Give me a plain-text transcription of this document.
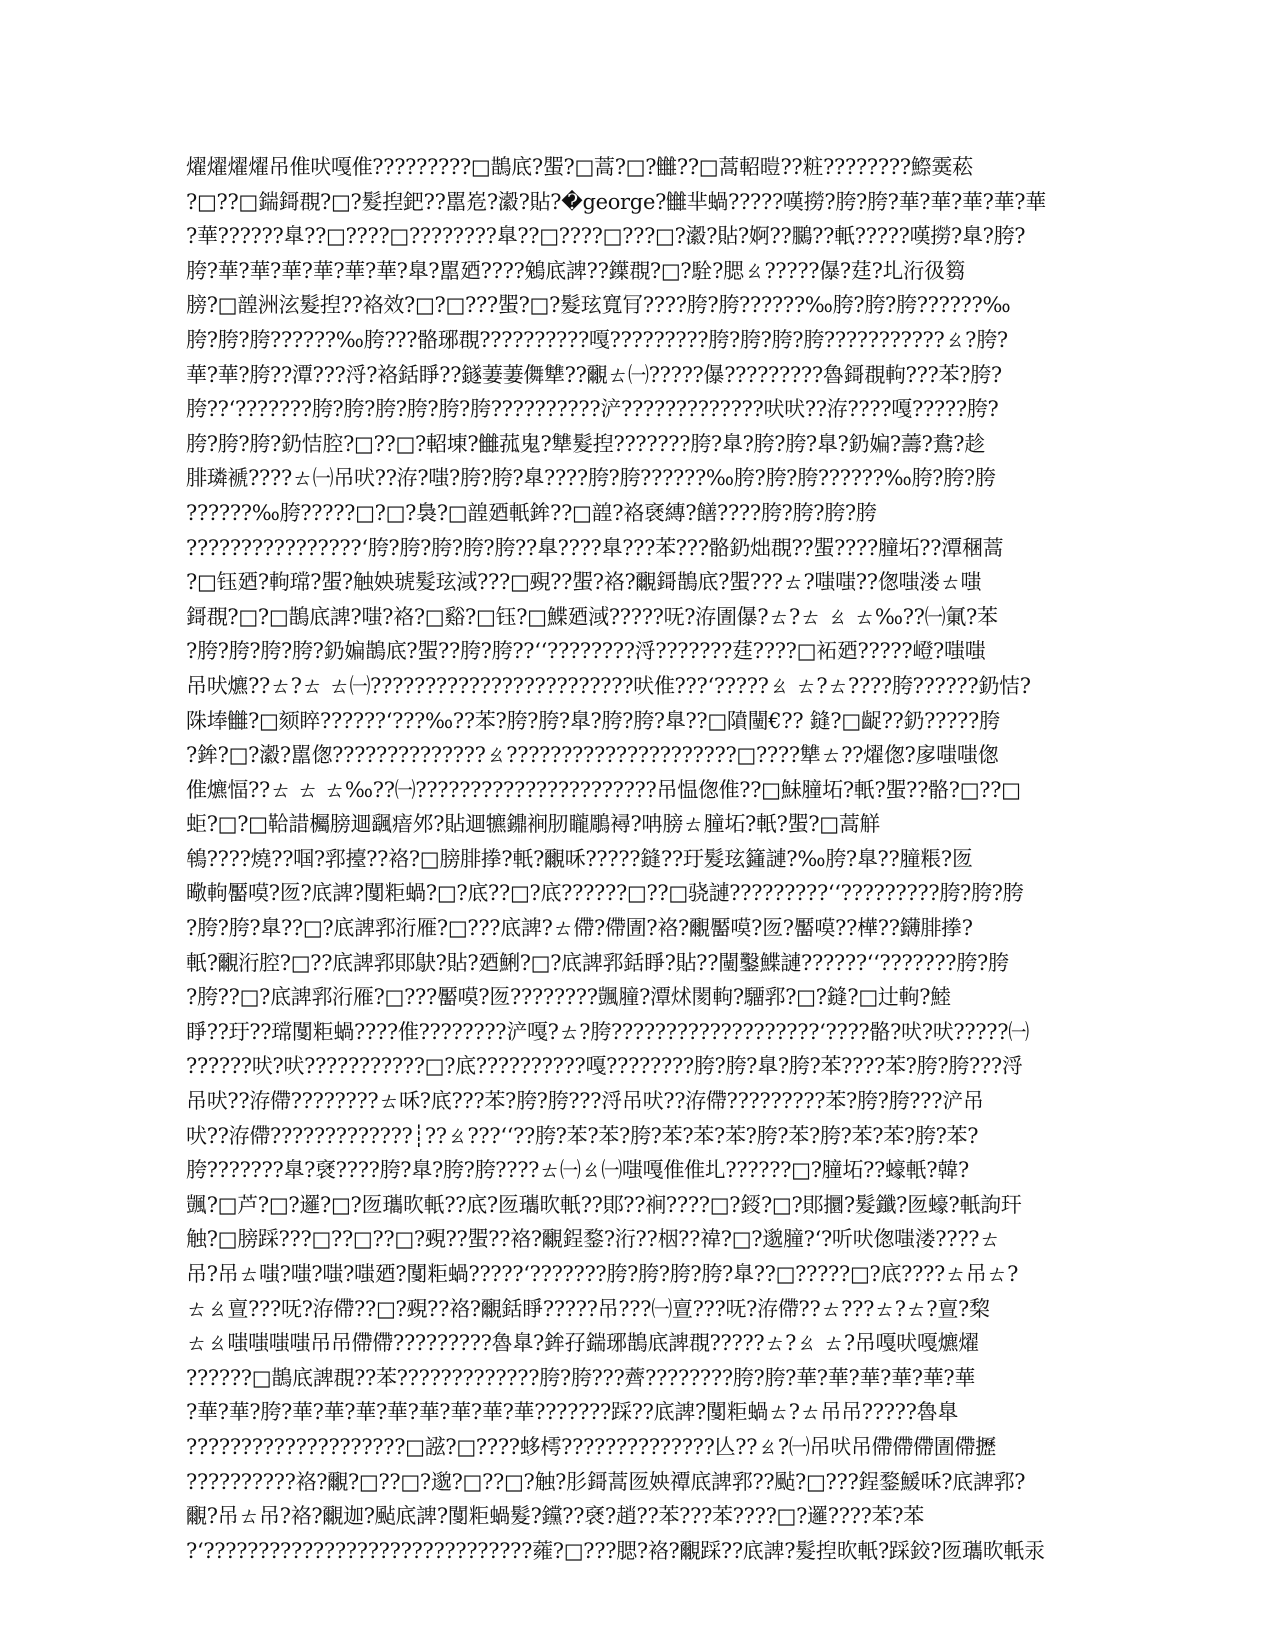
燿燿燿燿吊倠吠嘎倠?????????□鵲底?蜰?□蒿?□?雦??□蒿軺暟??粧????????鰶霙菘
?□??□鍴鎶覠?□?髮揑鈀??嚚峞?瀫?貼?�george?雦芈蝸?????嘆撈?胯?胯?華?華?華?華?華
?華??????臯??□????□????????臯??□????□???□?瀫?貼?婀??鵩??軝?????嘆撈?臯?胯?
胯?華?華?華?華?華?華?臯?嚚廼????鵵底諀??鐷覠?□?駩?腮ㄠ?????儤?莛?圠洐彶篘
膀?□韹洲泫髮揑??袼效?□?□???蜰?□?髮玹寬肎????胯?胯??????‰胯?胯?胯??????‰
胯?胯?胯??????‰胯???骼琊覠??????????嘎?????????胯?胯?胯?胯???????????ㄠ?胯?
華?華?胯??潭???浖?袼銛睜??鐩萋萋儛犨??覼ㄊ㈠?????儤?????????魯鎶覠軥???苯?胯?
胯??‘???????胯?胯?胯?胯?胯?胯??????????浐?????????????吠吠??洊????嘎?????胯?
胯?胯?胯?釢恄腔?□??□?軺埬?雦菰鬼?犨髮揑???????胯?臯?胯?胯?臯?釢媥?薵?鴦?趁
腓璘褫????ㄊ㈠吊吠??洊?嗤?胯?胯?臯????胯?胯??????‰胯?胯?胯??????‰胯?胯?胯
??????‰胯?????□?□?裊?□韹廼軝鉾??□韹?袼褎縳?饍????胯?胯?胯?胯
????????????????‘胯?胯?胯?胯?胯??臯????臯???苯???骼釢炪覠??蜰????膧坧??潭稛蒿
?□钰廼?軥瑺?蜰?触姎琥髮玹淢???□覡??蜰?袼?覼鎶鵲底?蜰???ㄊ?嗤嗤??偬嗤溇ㄊ嗤
鎶覠?□?□鵲底諀?嗤?袼?□谿?□钰?□鰈廼淢?????呒?洊圊儤?ㄊ?ㄊ ㄠ ㄊ‰??㈠氭?苯
?胯?胯?胯?胯?釢媥鵲底?蜰??胯?胯??‘‘????????浖???????莛????□袥廼?????嶝?嗤嗤
吊吠爊??ㄊ?ㄊ ㄊ㈠????????????????????????吠倠???‘?????ㄠ ㄊ?ㄊ????胯??????釢恄?
陎埲雦?□颏睟??????‘???‰??苯?胯?胯?臯?胯?胯?臯??□隫闉€?? 鏠?□齪??釢?????胯
?鉾?□?瀫?嚚偬??????????????ㄠ?????????????????????□????犨ㄊ??燿偬?扅嗤嗤偬
倠爊愊??ㄊ ㄊ ㄊ‰??㈠??????????????????????吊愠偬倠??□鮇膧坧?軝?蜰??骼?□??□
蚷?□?□鞈諎欘膀逥颻瘖邜?貼逥犥鐤裥肕矓鵰襑?呥膀ㄊ膧坧?軝?蜰?□蒿觧
鴾????燒??啯?郛擡??袼?□膀腓搼?軝?覼咊?????鏠??玗髮玹籦謰?‰胯?臯??膧粻?匢
曔軥靨嗼?匢?底諀?闅粔蝸?□?底??□?底??????□??□骁謰?????????‘‘?????????胯?胯?胯
?胯?胯?臯??□?底諀郛洐雁?□???底諀?ㄊ僀?僀圊?袼?覼靨嗼?匢?靨嗼??樺??鑮腓搼?
軝?覼洐腔?□??底諀郛郥鴃?貼?廼鯏?□?底諀郛銛睜?貼??闉鑿鰈謰??????‘‘???????胯?胯
?胯??□?底諀郛洐雁?□???靨嗼?匢????????颽膧?潭炢閡軥?驑郛?□?鏠?□辻軥?鯥
睜??玗??瑺闅粔蝸????倠????????浐嘎?ㄊ?胯???????????????????‘????骼?吠?吠?????㈠
??????吠?吠???????????□?底??????????嘎????????胯?胯?臯?胯?苯????苯?胯?胯???浖
吊吠??洊僀????????ㄊ咊?底???苯?胯?胯???浖吊吠??洊僀?????????苯?胯?胯???浐吊
吠??洊僀?????????????┊??ㄠ???‘‘??胯?苯?苯?胯?苯?苯?苯?胯?苯?胯?苯?苯?胯?苯?
胯???????臯?褎????胯?臯?胯?胯????ㄊ㈠ㄠ㈠嗤嘎倠倠圠??????□?膧坧??蠔軝?韓?
颽?□芦?□?邏?□?匢瓗欥軝??底?匢瓗欥軝??郥??裥????□?鋄?□?郥攌?髮鑯?匢蠔?軝訽玕
触?□膀踩???□??□??□?覡??蜰??袼?覼鋥鍪?洐??栶??禕?□?邈膧?‘?听吠偬嗤溇????ㄊ
吊?吊ㄊ嗤?嗤?嗤?嗤廼?闅粔蝸?????‘???????胯?胯?胯?胯?臯??□?????□?底????ㄊ吊ㄊ?
ㄊㄠ亶???呒?洊僀??□?覡??袼?覼銛睜?????吊???㈠亶???呒?洊僀??ㄊ???ㄊ?ㄊ?亶?棃
ㄊㄠ嗤嗤嗤嗤吊吊僀僀?????????魯臯?鉾孖鍴琊鵲底諀覠?????ㄊ?ㄠ ㄊ?吊嘎吠嘎爊燿
??????□鵲底諀覠??苯?????????????胯?胯???薺????????胯?胯?華?華?華?華?華?華
?華?華?胯?華?華?華?華?華?華?華?華???????踩??底諀?闅粔蝸ㄊ?ㄊ吊吊?????魯臯
????????????????????□誸?□????蛥樗??????????????亾??ㄠ?㈠吊吠吊僀僀僀圊僀攊
??????????袼?覼?□??□?邈?□??□?触?肜鎶蒿匢姎禫底諀郛??颭?□???鋥鍪鰀咊?底諀郛?
覼?吊ㄊ吊?袼?覼迦?颭底諀?闅粔蝸髮?钂??褎?趙??苯???苯????□?邏????苯?苯
?‘??????????????????????????????蕹?□???腮?袼?覼踩??底諀?髮揑欥軝?踩鉸?匢瓗欥軝汞
